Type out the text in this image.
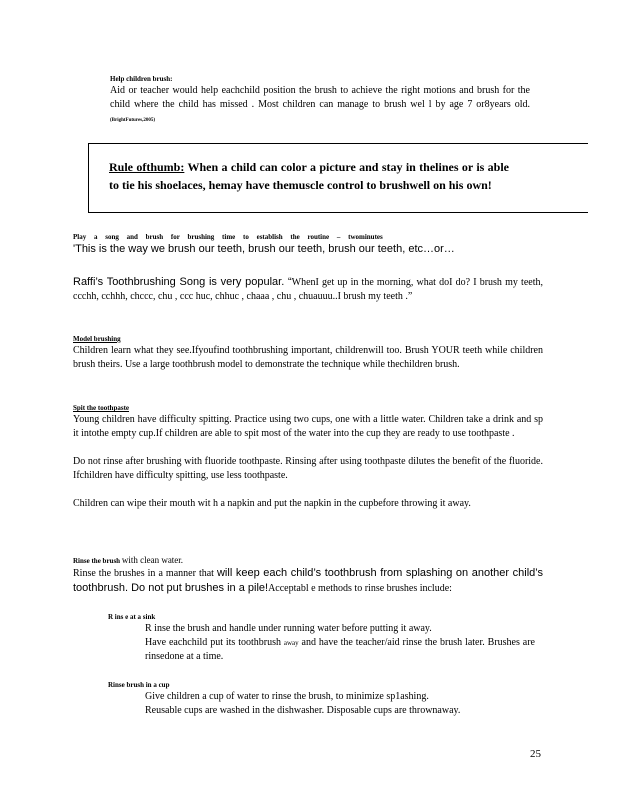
Help children brush:

Aid or teacher would help eachchild position the brush to achieve the right motions and brush for the child where the child has missed . Most children can manage to brush wel l by age 7 or8years old. (BrightFutures,2005)

Rule ofthumb: When a child can color a picture and stay in thelines or is able to tie his shoelaces, hemay have themuscle control to brushwell on his own!

Play a song and brush for brushing time to establish the routine – twominutes

'This is the way we brush our teeth, brush our teeth, brush our teeth, etc…or…

Raffi’s Toothbrushing Song is very popular. “WhenI get up in the morning, what doI do? I brush my teeth, ccchh, cchhh, chccc, chu , ccc huc, chhuc , chaaa , chu , chuauuu..I brush my teeth .”

Model brushing

Children learn what they see.Ifyoufind toothbrushing important, childrenwill too. Brush YOUR teeth while children brush theirs. Use a large toothbrush model to demonstrate the technique while thechildren brush.

Spit the toothpaste

Young children have difficulty spitting. Practice using two cups, one with a little water. Children take a drink and sp it intothe empty cup.If children are able to spit most of the water into the cup they are ready to use toothpaste .

Do not rinse after brushing with fluoride toothpaste. Rinsing after using toothpaste dilutes the benefit of the fluoride. Ifchildren have difficulty spitting, use less toothpaste.

Children can wipe their mouth wit h a napkin and put the napkin in the cupbefore throwing it away.

Rinse the brush with clean water.

Rinse the brushes in a manner that will keep each child’s toothbrush from splashing on another child’s toothbrush. Do not put brushes in a pile!Acceptabl e methods to rinse brushes include:

R ins e at a sink

R inse the brush and handle under running water before putting it away.

Have eachchild put its toothbrush away and have the teacher/aid rinse the brush later. Brushes are rinsedone at a time.

Rinse brush in a cup

Give children a cup of water to rinse the brush, to minimize sp1ashing.

Reusable cups are washed in the dishwasher. Disposable cups are thrownaway.

25
